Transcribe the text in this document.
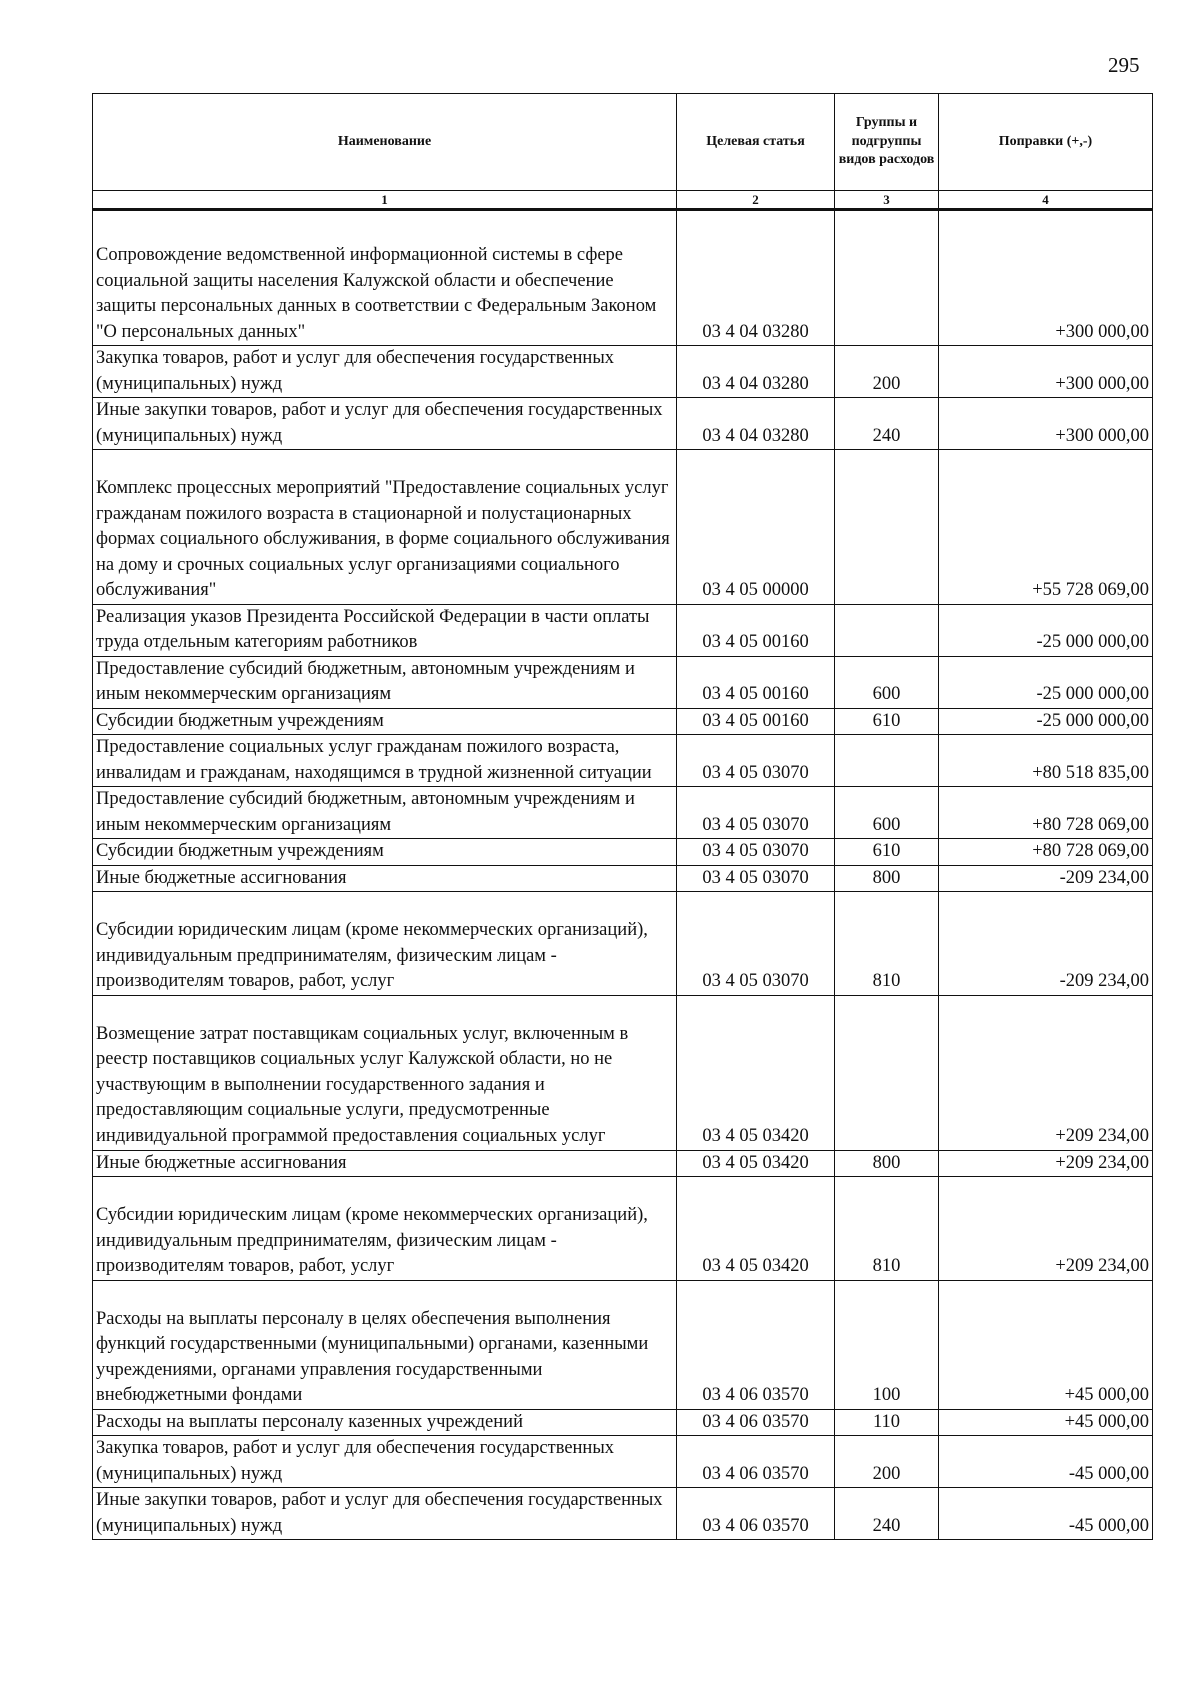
295
Наименование	Целевая статья	Группы и подгруппы видов расходов	Поправки (+,-)
1	2	3	4
Сопровождение ведомственной информационной системы в сфере социальной защиты населения Калужской области и обеспечение защиты персональных данных в соответствии с Федеральным Законом "О персональных данных"	03 4 04 03280		+300 000,00
Закупка товаров, работ и услуг для обеспечения государственных (муниципальных) нужд	03 4 04 03280	200	+300 000,00
Иные закупки товаров, работ и услуг для обеспечения государственных (муниципальных) нужд	03 4 04 03280	240	+300 000,00
Комплекс процессных мероприятий "Предоставление социальных услуг гражданам пожилого возраста в стационарной и полустационарных формах социального обслуживания, в форме социального обслуживания на дому и срочных социальных услуг организациями социального обслуживания"	03 4 05 00000		+55 728 069,00
Реализация указов Президента Российской Федерации в части оплаты труда отдельным категориям работников	03 4 05 00160		-25 000 000,00
Предоставление субсидий бюджетным, автономным учреждениям и иным некоммерческим организациям	03 4 05 00160	600	-25 000 000,00
Субсидии бюджетным учреждениям	03 4 05 00160	610	-25 000 000,00
Предоставление социальных услуг гражданам пожилого возраста, инвалидам и гражданам, находящимся в трудной жизненной ситуации	03 4 05 03070		+80 518 835,00
Предоставление субсидий бюджетным, автономным учреждениям и иным некоммерческим организациям	03 4 05 03070	600	+80 728 069,00
Субсидии бюджетным учреждениям	03 4 05 03070	610	+80 728 069,00
Иные бюджетные ассигнования	03 4 05 03070	800	-209 234,00
Субсидии юридическим лицам (кроме некоммерческих организаций), индивидуальным предпринимателям, физическим лицам - производителям товаров, работ, услуг	03 4 05 03070	810	-209 234,00
Возмещение затрат поставщикам социальных услуг, включенным в реестр поставщиков социальных услуг Калужской области, но не участвующим в выполнении государственного задания и предоставляющим социальные услуги, предусмотренные индивидуальной программой предоставления социальных услуг	03 4 05 03420		+209 234,00
Иные бюджетные ассигнования	03 4 05 03420	800	+209 234,00
Субсидии юридическим лицам (кроме некоммерческих организаций), индивидуальным предпринимателям, физическим лицам - производителям товаров, работ, услуг	03 4 05 03420	810	+209 234,00
Расходы на выплаты персоналу в целях обеспечения выполнения функций государственными (муниципальными) органами, казенными учреждениями, органами управления государственными внебюджетными фондами	03 4 06 03570	100	+45 000,00
Расходы на выплаты персоналу казенных учреждений	03 4 06 03570	110	+45 000,00
Закупка товаров, работ и услуг для обеспечения государственных (муниципальных) нужд	03 4 06 03570	200	-45 000,00
Иные закупки товаров, работ и услуг для обеспечения государственных (муниципальных) нужд	03 4 06 03570	240	-45 000,00
